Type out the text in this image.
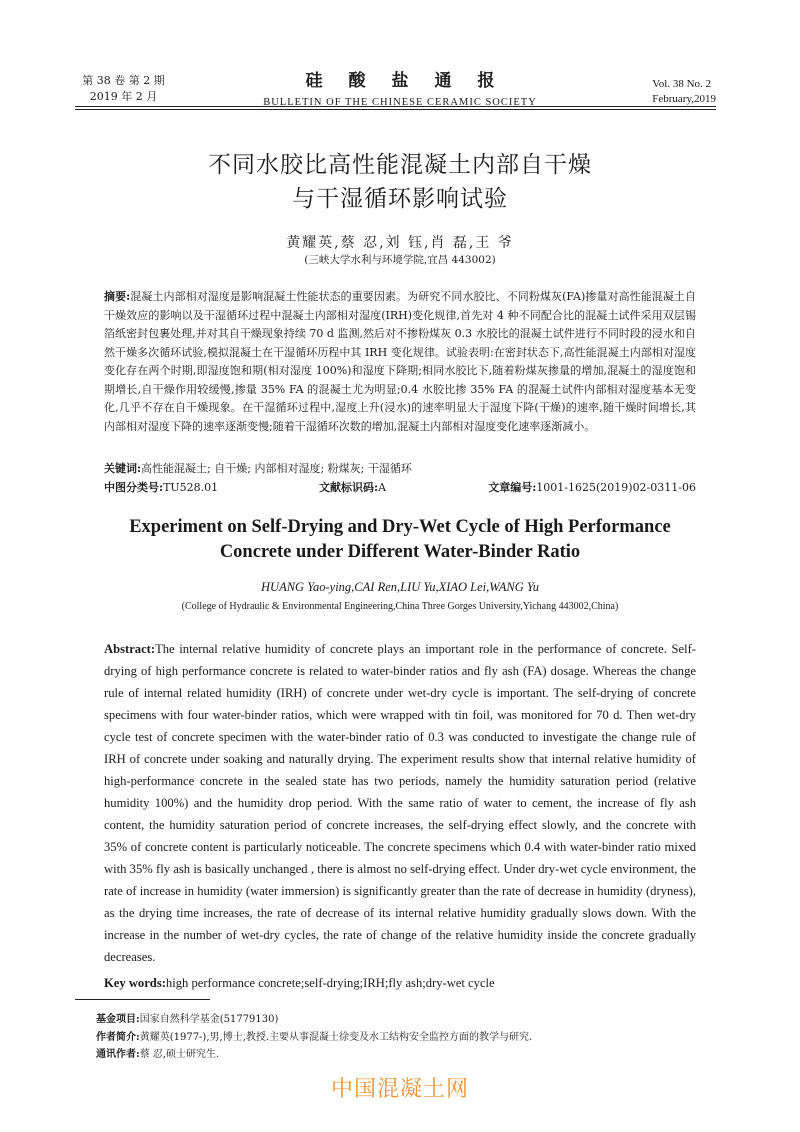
第 38 卷 第 2 期
2019 年 2 月
硅酸盐通报
BULLETIN OF THE CHINESE CERAMIC SOCIETY
Vol. 38 No. 2
February,2019
不同水胶比高性能混凝土内部自干燥
与干湿循环影响试验
黄耀英,蔡 忍,刘 钰,肖 磊,王 爷
(三峡大学水利与环境学院,宜昌 443002)
摘要:混凝土内部相对湿度是影响混凝土性能状态的重要因素。为研究不同水胶比、不同粉煤灰(FA)掺量对高性能混凝土自干燥效应的影响以及干湿循环过程中混凝土内部相对湿度(IRH)变化规律,首先对 4 种不同配合比的混凝土试件采用双层锡箔纸密封包裹处理,并对其自干燥现象持续 70 d 监测,然后对不掺粉煤灰 0.3 水胶比的混凝土试件进行不同时段的浸水和自然干燥多次循环试验,模拟混凝土在干湿循环历程中其 IRH 变化规律。试验表明:在密封状态下,高性能混凝土内部相对湿度变化存在两个时期,即湿度饱和期(相对湿度 100%)和湿度下降期;相同水胶比下,随着粉煤灰掺量的增加,混凝土的湿度饱和期增长,自干燥作用较缓慢,掺量 35% FA 的混凝土尤为明显;0.4 水胶比掺 35% FA 的混凝土试件内部相对湿度基本无变化,几乎不存在自干燥现象。在干湿循环过程中,湿度上升(浸水)的速率明显大于湿度下降(干燥)的速率,随干燥时间增长,其内部相对湿度下降的速率逐渐变慢;随着干湿循环次数的增加,混凝土内部相对湿度变化速率逐渐减小。
关键词:高性能混凝土; 自干燥; 内部相对湿度; 粉煤灰; 干湿循环
中图分类号:TU528.01	文献标识码:A	文章编号:1001-1625(2019)02-0311-06
Experiment on Self-Drying and Dry-Wet Cycle of High Performance
Concrete under Different Water-Binder Ratio
HUANG Yao-ying,CAI Ren,LIU Yu,XIAO Lei,WANG Yu
(College of Hydraulic & Environmental Engineering,China Three Gorges University,Yichang 443002,China)
Abstract:The internal relative humidity of concrete plays an important role in the performance of concrete. Self-drying of high performance concrete is related to water-binder ratios and fly ash (FA) dosage. Whereas the change rule of internal related humidity (IRH) of concrete under wet-dry cycle is important. The self-drying of concrete specimens with four water-binder ratios, which were wrapped with tin foil, was monitored for 70 d. Then wet-dry cycle test of concrete specimen with the water-binder ratio of 0.3 was conducted to investigate the change rule of IRH of concrete under soaking and naturally drying. The experiment results show that internal relative humidity of high-performance concrete in the sealed state has two periods, namely the humidity saturation period (relative humidity 100%) and the humidity drop period. With the same ratio of water to cement, the increase of fly ash content, the humidity saturation period of concrete increases, the self-drying effect slowly, and the concrete with 35% of concrete content is particularly noticeable. The concrete specimens which 0.4 with water-binder ratio mixed with 35% fly ash is basically unchanged , there is almost no self-drying effect. Under dry-wet cycle environment, the rate of increase in humidity (water immersion) is significantly greater than the rate of decrease in humidity (dryness), as the drying time increases, the rate of decrease of its internal relative humidity gradually slows down. With the increase in the number of wet-dry cycles, the rate of change of the relative humidity inside the concrete gradually decreases.
Key words:high performance concrete;self-drying;IRH;fly ash;dry-wet cycle
基金项目:国家自然科学基金(51779130)
作者简介:黄耀英(1977-),男,博士,教授.主要从事混凝土徐变及水工结构安全监控方面的教学与研究.
通讯作者:蔡 忍,硕士研究生.
中国混凝土网
